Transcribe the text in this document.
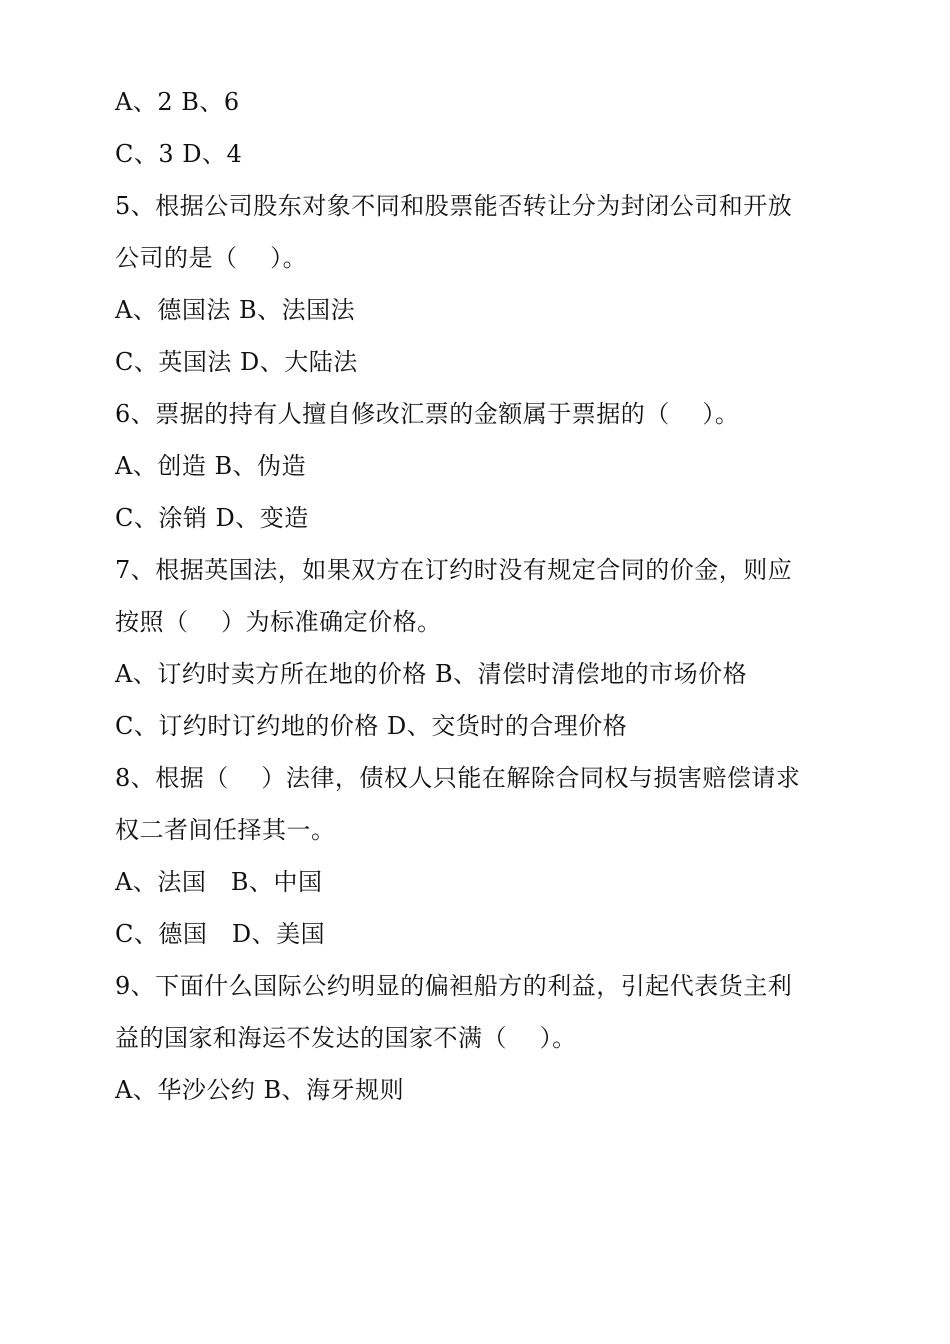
A、2 B、6
C、3 D、4
5、根据公司股东对象不同和股票能否转让分为封闭公司和开放
公司的是（　 ）。
A、德国法 B、法国法
C、英国法 D、大陆法
6、票据的持有人擅自修改汇票的金额属于票据的（　 ）。
A、创造 B、伪造
C、涂销 D、变造
7、根据英国法，如果双方在订约时没有规定合同的价金，则应
按照（　 ）为标准确定价格。
A、订约时卖方所在地的价格 B、清偿时清偿地的市场价格
C、订约时订约地的价格 D、交货时的合理价格
8、根据（　 ）法律，债权人只能在解除合同权与损害赔偿请求
权二者间任择其一。
A、法国　B、中国
C、德国　D、美国
9、下面什么国际公约明显的偏袒船方的利益，引起代表货主利
益的国家和海运不发达的国家不满（　 ）。
A、华沙公约 B、海牙规则
